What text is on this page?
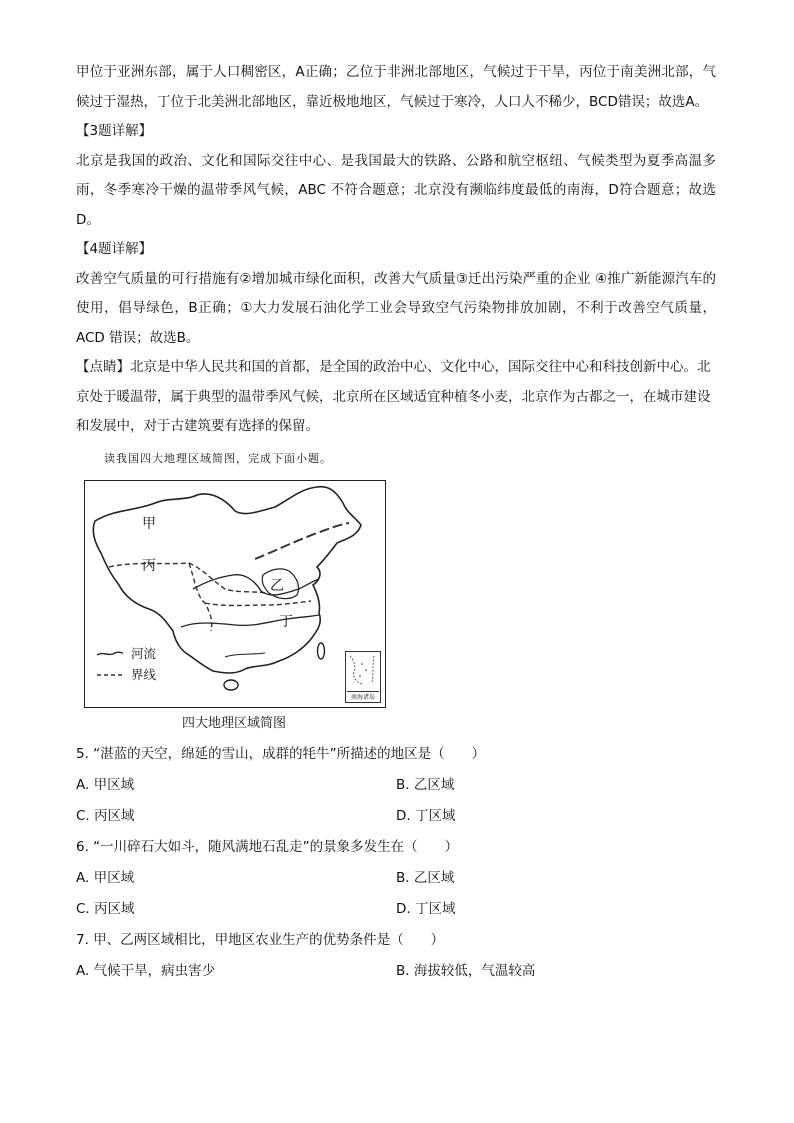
甲位于亚洲东部，属于人口稠密区，A正确；乙位于非洲北部地区，气候过于干旱，丙位于南美洲北部，气候过于湿热，丁位于北美洲北部地区，靠近极地地区，气候过于寒冷，人口人不稀少，BCD错误；故选A。

【3题详解】

北京是我国的政治、文化和国际交往中心、是我国最大的铁路、公路和航空枢纽、气候类型为夏季高温多雨，冬季寒冷干燥的温带季风气候，ABC 不符合题意；北京没有濒临纬度最低的南海，D符合题意；故选D。

【4题详解】

改善空气质量的可行措施有②增加城市绿化面积，改善大气质量③迁出污染严重的企业 ④推广新能源汽车的使用，倡导绿色，B正确；①大力发展石油化学工业会导致空气污染物排放加剧，不利于改善空气质量，ACD 错误；故选B。

【点睛】北京是中华人民共和国的首都，是全国的政治中心、文化中心，国际交往中心和科技创新中心。北京处于暖温带，属于典型的温带季风气候，北京所在区域适宜种植冬小麦，北京作为古都之一，在城市建设和发展中，对于古建筑要有选择的保留。

读我国四大地理区域简图，完成下面小题。
甲
乙
丙
丁
河流
界线
南海诸岛
四大地理区域简图

5. “湛蓝的天空，绵延的雪山，成群的牦牛”所描述的地区是（　　）

A. 甲区域	B. 乙区域
C. 丙区域	D. 丁区域

6. “一川碎石大如斗，随风满地石乱走”的景象多发生在（　　）

A. 甲区域	B. 乙区域
C. 丙区域	D. 丁区域

7. 甲、乙两区域相比，甲地区农业生产的优势条件是（　　）

A. 气候干旱，病虫害少	B. 海拔较低，气温较高
